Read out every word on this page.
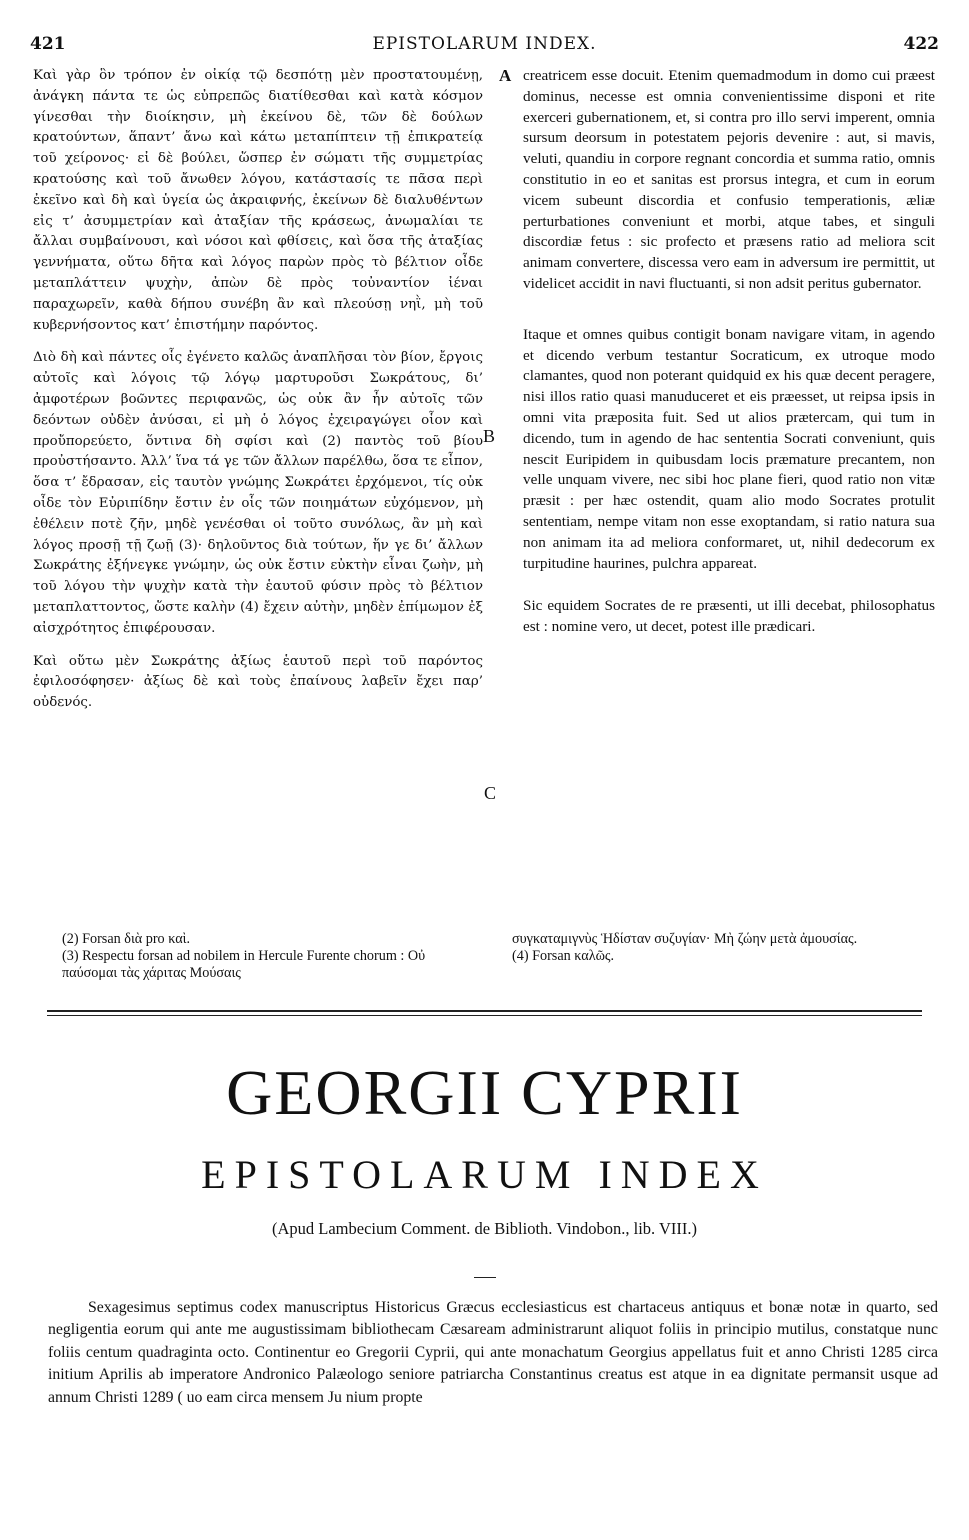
421	EPISTOLARUM INDEX.	422

Καὶ γὰρ ὃν τρόπον ἐν οἰκίᾳ τῷ δεσπότῃ μὲν προστατουμένῃ, ἀνάγκη πάντα τε ὡς εὐπρεπῶς διατίθεσθαι καὶ κατὰ κόσμον γίνεσθαι τὴν διοίκησιν, μὴ ἐκείνου δὲ, τῶν δὲ δούλων κρατούντων, ἅπαντ’ ἄνω καὶ κάτω μεταπίπτειν τῇ ἐπικρατείᾳ τοῦ χείρονος· εἰ δὲ βούλει, ὥσπερ ἐν σώματι τῆς συμμετρίας κρατούσης καὶ τοῦ ἄνωθεν λόγου, κατάστασίς τε πᾶσα περὶ ἐκεῖνο καὶ δὴ καὶ ὑγεία ὡς ἀκραιφνής, ἐκείνων δὲ διαλυθέντων εἰς τ’ ἀσυμμετρίαν καὶ ἀταξίαν τῆς κράσεως, ἀνωμαλίαι τε ἄλλαι συμβαίνουσι, καὶ νόσοι καὶ φθίσεις, καὶ ὅσα τῆς ἀταξίας γεννήματα, οὕτω δῆτα καὶ λόγος παρὼν πρὸς τὸ βέλτιον οἶδε μεταπλάττειν ψυχὴν, ἀπὼν δὲ πρὸς τοὐναντίον ἰέναι παραχωρεῖν, καθὰ δήπου συνέβη ἂν καὶ πλεούσῃ νηῒ, μὴ τοῦ κυβερνήσοντος κατ’ ἐπιστήμην παρόντος.

Διὸ δὴ καὶ πάντες οἷς ἐγένετο καλῶς ἀναπλῆσαι τὸν βίον, ἔργοις αὐτοῖς καὶ λόγοις τῷ λόγῳ μαρτυροῦσι Σωκράτους, δι’ ἀμφοτέρων βοῶντες περιφανῶς, ὡς οὐκ ἂν ἦν αὐτοῖς τῶν δεόντων οὐδὲν ἀνύσαι, εἰ μὴ ὁ λόγος ἐχειραγώγει οἷον καὶ προὔπορεύετο, ὅντινα δὴ σφίσι καὶ (2) παντὸς τοῦ βίου προὐστήσαντο. Ἀλλ’ ἵνα τά γε τῶν ἄλλων παρέλθω, ὅσα τε εἶπον, ὅσα τ’ ἔδρασαν, εἰς ταυτὸν γνώμης Σωκράτει ἐρχόμενοι, τίς οὐκ οἶδε τὸν Εὐριπίδην ἔστιν ἐν οἷς τῶν ποιημάτων εὐχόμενον, μὴ ἐθέλειν ποτὲ ζῆν, μηδὲ γενέσθαι οἱ τοῦτο συνόλως, ἂν μὴ καὶ λόγος προσῇ τῇ ζωῇ (3)· δηλοῦντος διὰ τούτων, ἥν γε δι’ ἄλλων Σωκράτης ἐξήνεγκε γνώμην, ὡς οὐκ ἔστιν εὐκτὴν εἶναι ζωὴν, μὴ τοῦ λόγου τὴν ψυχὴν κατὰ τὴν ἑαυτοῦ φύσιν πρὸς τὸ βέλτιον μεταπλαττοντος, ὥστε καλὴν (4) ἔχειν αὐτὴν, μηδὲν ἐπίμωμον ἐξ αἰσχρότητος ἐπιφέρουσαν.

Καὶ οὕτω μὲν Σωκράτης ἀξίως ἑαυτοῦ περὶ τοῦ παρόντος ἐφιλοσόφησεν· ἀξίως δὲ καὶ τοὺς ἐπαίνους λαβεῖν ἔχει παρ’ οὐδενός.

A
B
C

creatricem esse docuit. Etenim quemadmodum in domo cui præest dominus, necesse est omnia convenientissime disponi et rite exerceri gubernationem, et, si contra pro illo servi imperent, omnia sursum deorsum in potestatem pejoris devenire : aut, si mavis, veluti, quandiu in corpore regnant concordia et summa ratio, omnis constitutio in eo et sanitas est prorsus integra, et cum in eorum vicem subeunt discordia et confusio temperationis, æliæ perturbationes conveniunt et morbi, atque tabes, et singuli discordiæ fetus : sic profecto et præsens ratio ad meliora scit animam convertere, discessa vero eam in adversum ire permittit, ut videlicet accidit in navi fluctuanti, si non adsit peritus gubernator.

Itaque et omnes quibus contigit bonam navigare vitam, in agendo et dicendo verbum testantur Socraticum, ex utroque modo clamantes, quod non poterant quidquid ex his quæ decent peragere, nisi illos ratio quasi manuduceret et eis præesset, ut reipsa ipsis in omni vita præposita fuit. Sed ut alios prætercam, qui tum in dicendo, tum in agendo de hac sententia Socrati conveniunt, quis nescit Euripidem in quibusdam locis præmature precantem, non velle unquam vivere, nec sibi hoc plane fieri, quod ratio non vitæ præsit : per hæc ostendit, quam alio modo Socrates protulit sententiam, nempe vitam non esse exoptandam, si ratio natura sua non animam ita ad meliora conformaret, ut, nihil dedecorum ex turpitudine haurines, pulchra appareat.

Sic equidem Socrates de re præsenti, ut illi decebat, philosophatus est : nomine vero, ut decet, potest ille prædicari.

(2) Forsan διὰ pro καὶ.
(3) Respectu forsan ad nobilem in Hercule Furente chorum : Οὐ παύσομαι τὰς χάριτας Μούσαις
συγκαταμιγνὺς Ἡδίσταν συζυγίαν· Μὴ ζώην μετὰ ἀμουσίας.
(4) Forsan καλῶς.
GEORGII CYPRII
EPISTOLARUM INDEX
(Apud Lambecium Comment. de Biblioth. Vindobon., lib. VIII.)

Sexagesimus septimus codex manuscriptus Historicus Græcus ecclesiasticus est chartaceus antiquus et bonæ notæ in quarto, sed negligentia eorum qui ante me augustissimam bibliothecam Cæsaream administrarunt aliquot foliis in principio mutilus, constatque nunc foliis centum quadraginta octo. Continentur eo Gregorii Cyprii, qui ante monachatum Georgius appellatus fuit et anno Christi 1285 circa initium Aprilis ab imperatore Andronico Palæologo seniore patriarcha Constantinus creatus est atque in ea dignitate permansit usque ad annum Christi 1289 ( uo eam circa mensem Ju nium propte
